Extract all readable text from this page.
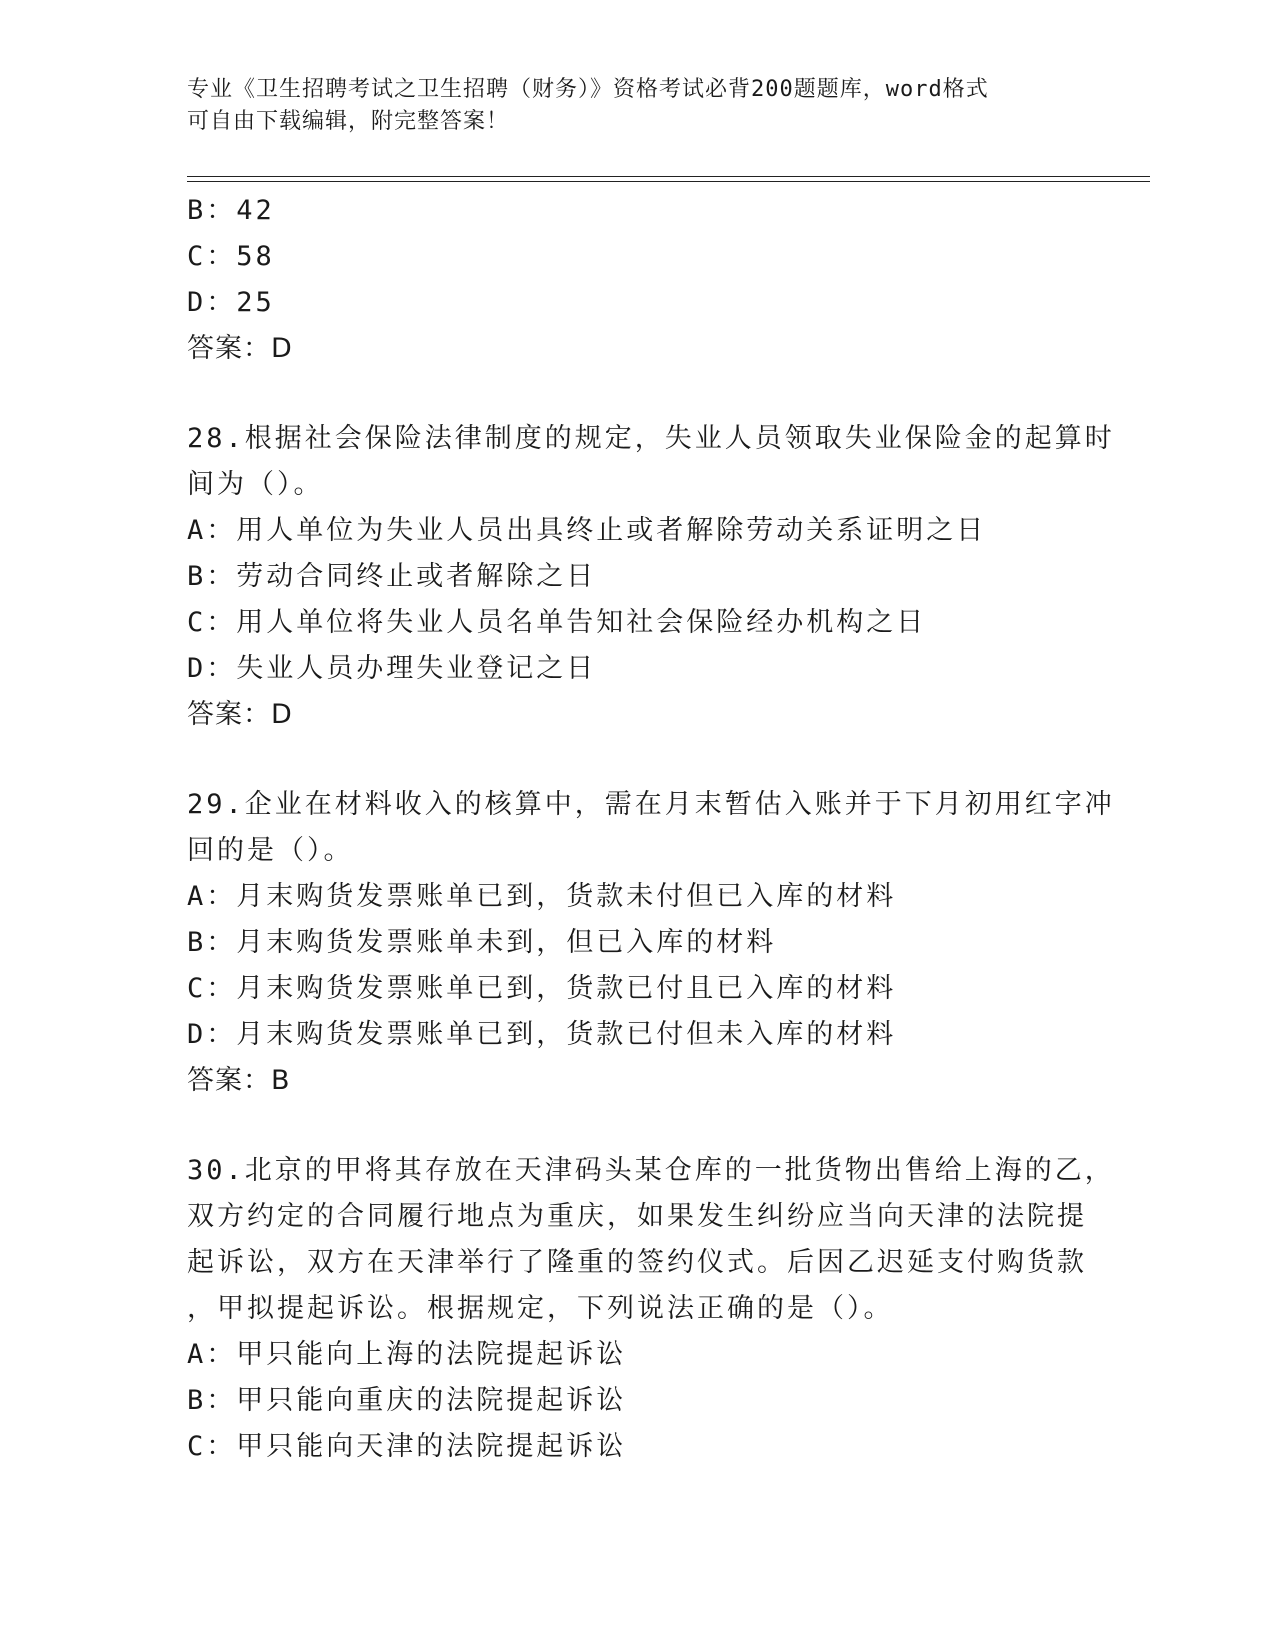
专业《卫生招聘考试之卫生招聘（财务）》资格考试必背200题题库，word格式
可自由下载编辑，附完整答案！
B：42
C：58
D：25
答案：D
28.根据社会保险法律制度的规定，失业人员领取失业保险金的起算时
间为（）。
A：用人单位为失业人员出具终止或者解除劳动关系证明之日
B：劳动合同终止或者解除之日
C：用人单位将失业人员名单告知社会保险经办机构之日
D：失业人员办理失业登记之日
答案：D
29.企业在材料收入的核算中，需在月末暂估入账并于下月初用红字冲
回的是（）。
A：月末购货发票账单已到，货款未付但已入库的材料
B：月末购货发票账单未到，但已入库的材料
C：月末购货发票账单已到，货款已付且已入库的材料
D：月末购货发票账单已到，货款已付但未入库的材料
答案：B
30.北京的甲将其存放在天津码头某仓库的一批货物出售给上海的乙，
双方约定的合同履行地点为重庆，如果发生纠纷应当向天津的法院提
起诉讼，双方在天津举行了隆重的签约仪式。后因乙迟延支付购货款
，甲拟提起诉讼。根据规定，下列说法正确的是（）。
A：甲只能向上海的法院提起诉讼
B：甲只能向重庆的法院提起诉讼
C：甲只能向天津的法院提起诉讼
